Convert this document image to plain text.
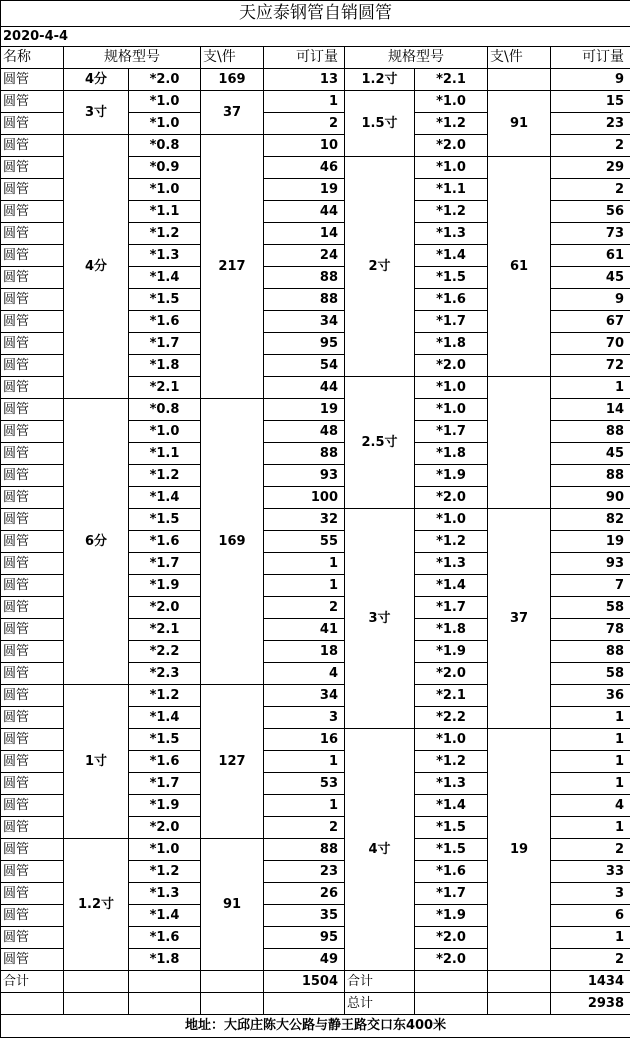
天应泰钢管自销圆管								
2020-4-4								
名称	规格型号		支\件	可订量	规格型号		支\件	可订量
圆管	4分	*2.0	169	13	1.2寸	*2.1		9
圆管	3寸	*1.0	37	1	1.5寸	*1.0	91	15
圆管		*1.0		2		*1.2		23
圆管	4分	*0.8	217	10		*2.0		2
圆管		*0.9		46	2寸	*1.0	61	29
圆管		*1.0		19		*1.1		2
圆管		*1.1		44		*1.2		56
圆管		*1.2		14		*1.3		73
圆管		*1.3		24		*1.4		61
圆管		*1.4		88		*1.5		45
圆管		*1.5		88		*1.6		9
圆管		*1.6		34		*1.7		67
圆管		*1.7		95		*1.8		70
圆管		*1.8		54		*2.0		72
圆管		*2.1		44	2.5寸	*1.0		1
圆管	6分	*0.8	169	19		*1.0		14
圆管		*1.0		48		*1.7		88
圆管		*1.1		88		*1.8		45
圆管		*1.2		93		*1.9		88
圆管		*1.4		100		*2.0		90
圆管		*1.5		32	3寸	*1.0	37	82
圆管		*1.6		55		*1.2		19
圆管		*1.7		1		*1.3		93
圆管		*1.9		1		*1.4		7
圆管		*2.0		2		*1.7		58
圆管		*2.1		41		*1.8		78
圆管		*2.2		18		*1.9		88
圆管		*2.3		4		*2.0		58
圆管	1寸	*1.2	127	34		*2.1		36
圆管		*1.4		3		*2.2		1
圆管		*1.5		16	4寸	*1.0	19	1
圆管		*1.6		1		*1.2		1
圆管		*1.7		53		*1.3		1
圆管		*1.9		1		*1.4		4
圆管		*2.0		2		*1.5		1
圆管	1.2寸	*1.0	91	88		*1.5		2
圆管		*1.2		23		*1.6		33
圆管		*1.3		26		*1.7		3
圆管		*1.4		35		*1.9		6
圆管		*1.6		95		*2.0		1
圆管		*1.8		49		*2.0		2
合计				1504	合计			1434
					总计			2938
地址：大邱庄陈大公路与静王路交口东400米								
